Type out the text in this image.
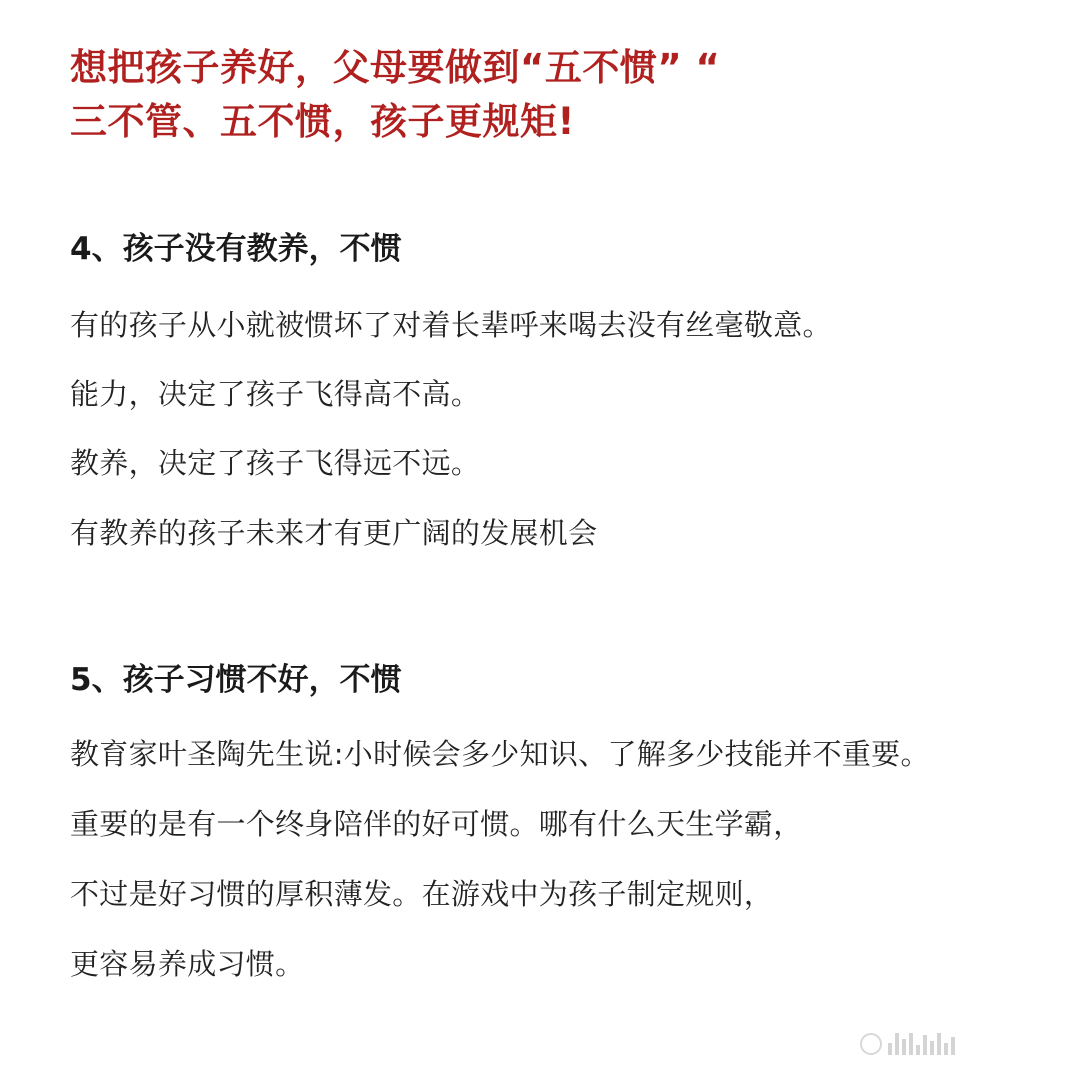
想把孩子养好，父母要做到“五不惯” “
三不管、五不惯，孩子更规矩!
4、孩子没有教养，不惯
有的孩子从小就被惯坏了对着长辈呼来喝去没有丝毫敬意。
能力，决定了孩子飞得高不高。
教养，决定了孩子飞得远不远。
有教养的孩子未来才有更广阔的发展机会
5、孩子习惯不好，不惯
教育家叶圣陶先生说:小时候会多少知识、了解多少技能并不重要。
重要的是有一个终身陪伴的好可惯。哪有什么天生学霸，
不过是好习惯的厚积薄发。在游戏中为孩子制定规则，
更容易养成习惯。
